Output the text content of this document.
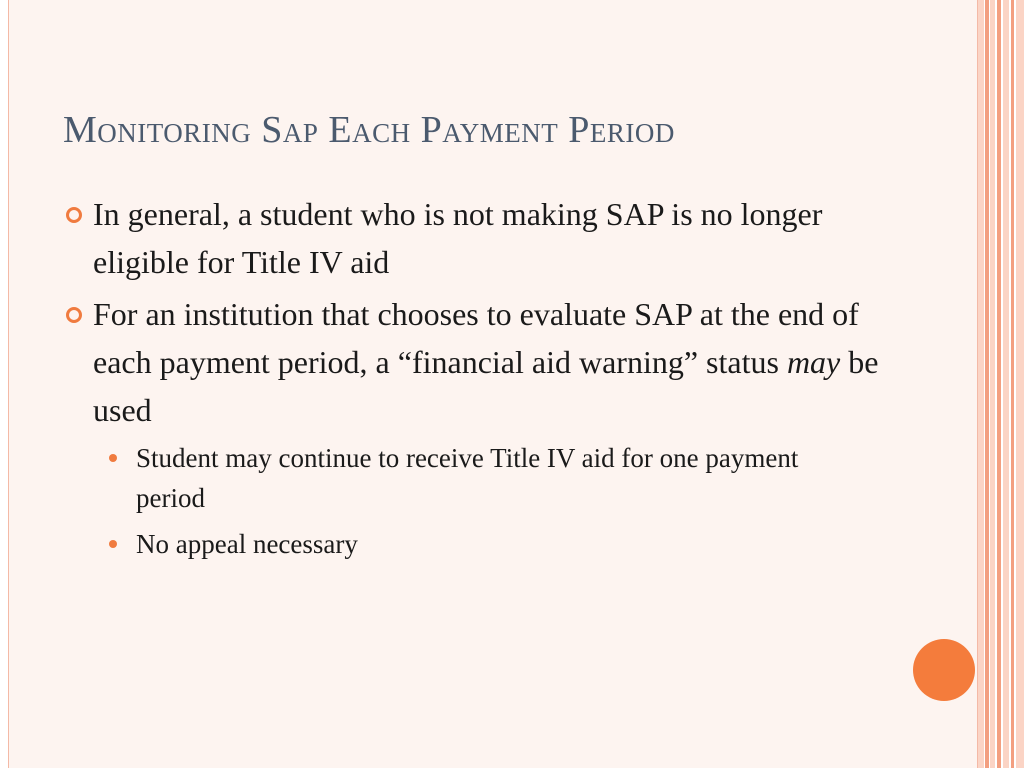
Monitoring Sap Each Payment Period
In general, a student who is not making SAP is no longer eligible for Title IV aid
For an institution that chooses to evaluate SAP at the end of each payment period, a “financial aid warning” status may be used
Student may continue to receive Title IV aid for one payment period
No appeal necessary
